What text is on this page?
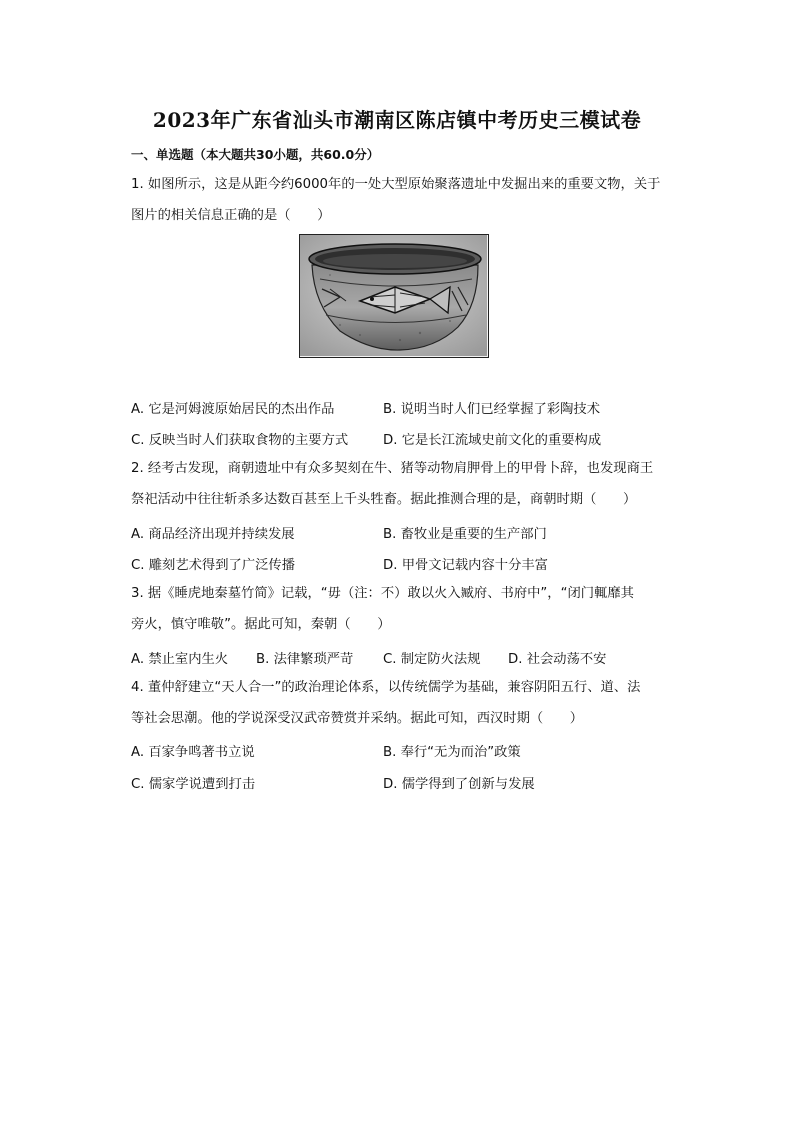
2023年广东省汕头市潮南区陈店镇中考历史三模试卷
一、单选题（本大题共30小题，共60.0分）
1. 如图所示，这是从距今约6000年的一处大型原始聚落遗址中发掘出来的重要文物，关于
图片的相关信息正确的是（　　）
A. 它是河姆渡原始居民的杰出作品	B. 说明当时人们已经掌握了彩陶技术
C. 反映当时人们获取食物的主要方式	D. 它是长江流域史前文化的重要构成
2. 经考古发现，商朝遗址中有众多契刻在牛、猪等动物肩胛骨上的甲骨卜辞，也发现商王
祭祀活动中往往斩杀多达数百甚至上千头牲畜。据此推测合理的是，商朝时期（　　）
A. 商品经济出现并持续发展	B. 畜牧业是重要的生产部门
C. 雕刻艺术得到了广泛传播	D. 甲骨文记载内容十分丰富
3. 据《睡虎地秦墓竹简》记载，“毋（注：不）敢以火入臧府、书府中”，“闭门輒靡其
旁火，慎守唯敬”。据此可知，秦朝（　　）
A. 禁止室内生火 B. 法律繁琐严苛 C. 制定防火法规 D. 社会动荡不安
4. 董仲舒建立“天人合一”的政治理论体系，以传统儒学为基础，兼容阴阳五行、道、法
等社会思潮。他的学说深受汉武帝赞赏并采纳。据此可知，西汉时期（　　）
A. 百家争鸣著书立说	B. 奉行“无为而治”政策
C. 儒家学说遭到打击	D. 儒学得到了创新与发展
